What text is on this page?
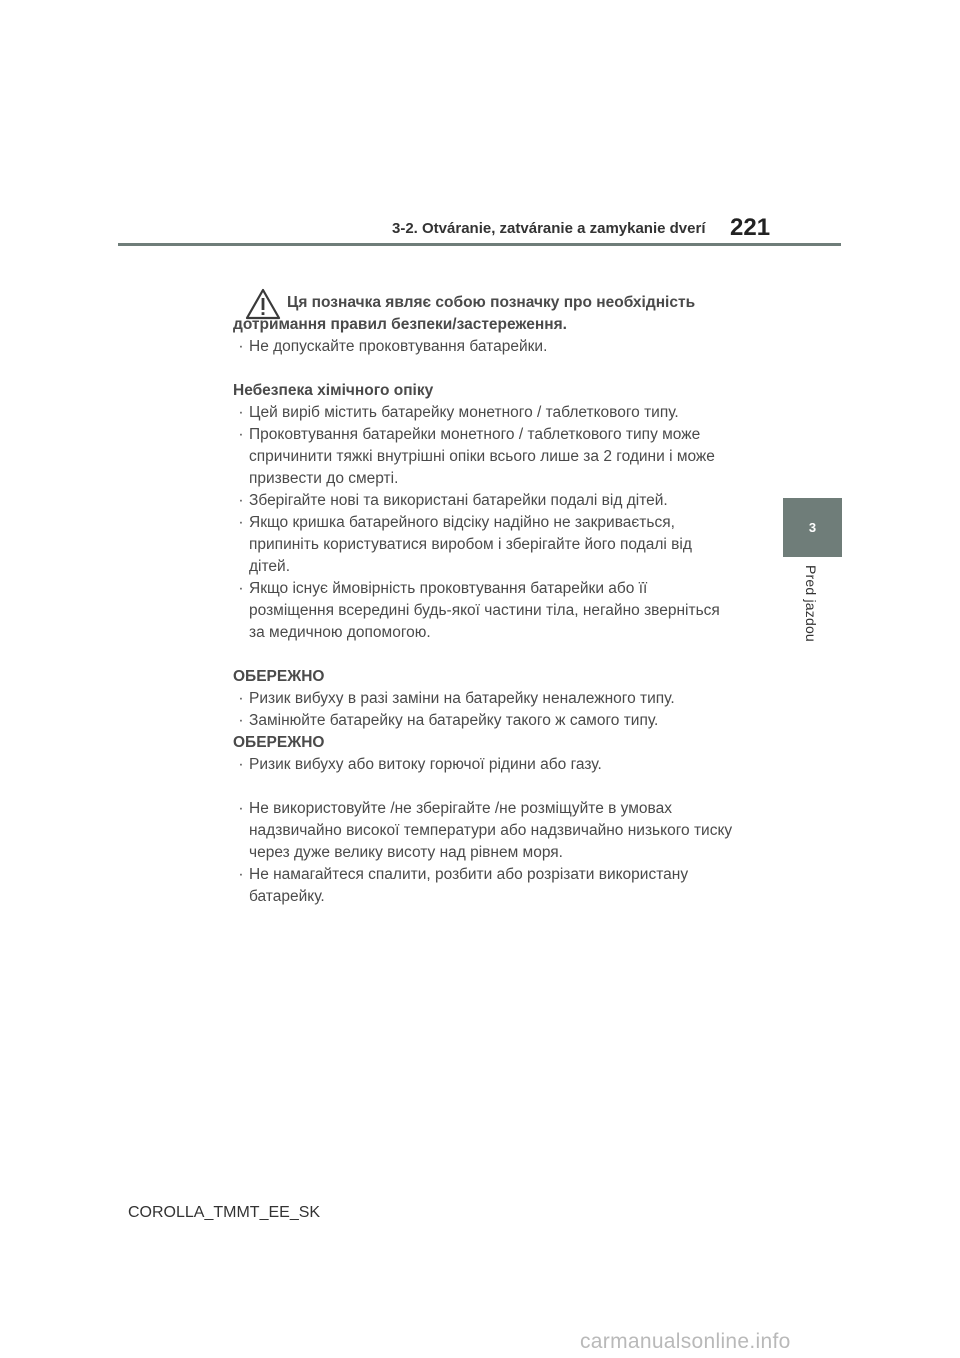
3-2. Otváranie, zatváranie a zamykanie dverí 221
3
Pred jazdou
Ця позначка являє собою позначку про необхідність
дотримання правил безпеки/застереження.
· Не допускайте проковтування батарейки.
Небезпека хімічного опіку
· Цей виріб містить батарейку монетного / таблеткового типу.
· Проковтування батарейки монетного / таблеткового типу може спричинити тяжкі внутрішні опіки всього лише за 2 години і може призвести до смерті.
· Зберігайте нові та використані батарейки подалі від дітей.
· Якщо кришка батарейного відсіку надійно не закривається, припиніть користуватися виробом і зберігайте його подалі від дітей.
· Якщо існує ймовірність проковтування батарейки або її розміщення всередині будь-якої частини тіла, негайно зверніться за медичною допомогою.
ОБЕРЕЖНО
· Ризик вибуху в разі заміни на батарейку неналежного типу.
· Замінюйте батарейку на батарейку такого ж самого типу.
ОБЕРЕЖНО
· Ризик вибуху або витоку горючої рідини або газу.
· Не використовуйте /не зберігайте /не розміщуйте в умовах надзвичайно високої температури або надзвичайно низького тиску через дуже велику висоту над рівнем моря.
· Не намагайтеся спалити, розбити або розрізати використану батарейку.
COROLLA_TMMT_EE_SK
carmanualsonline.info
